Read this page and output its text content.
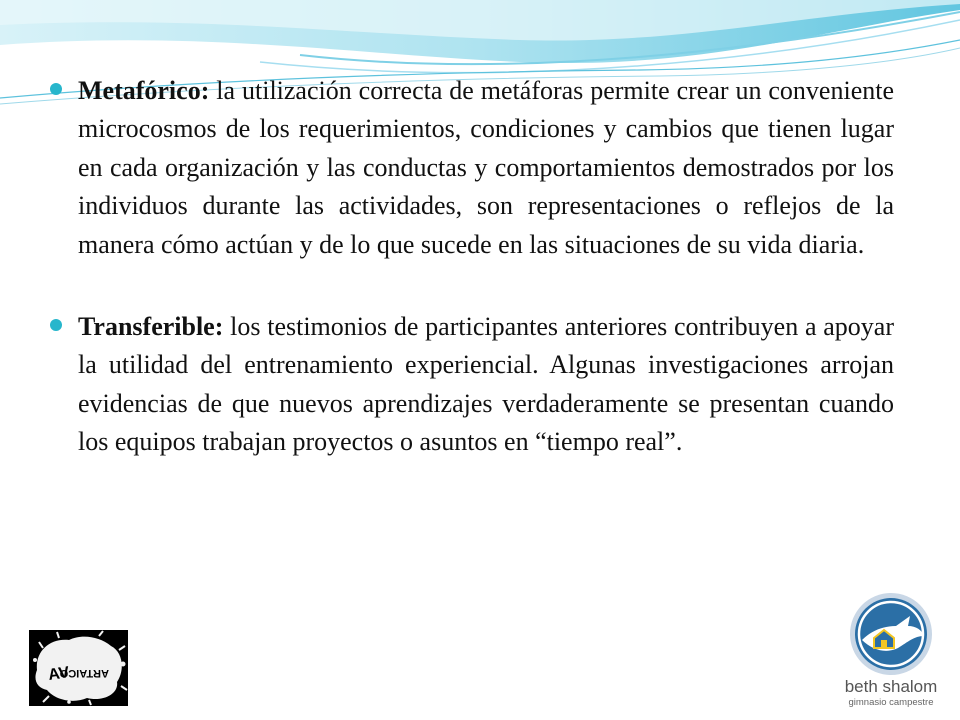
Metafórico: la utilización correcta de metáforas permite crear un conveniente microcosmos de los requerimientos, condiciones y cambios que tienen lugar en cada organización y las conductas y comportamientos demostrados por los individuos durante las actividades, son representaciones o reflejos de la manera cómo actúan y de lo que sucede en las situaciones de su vida diaria.
Transferible: los testimonios de participantes anteriores contribuyen a apoyar la utilidad del entrenamiento experiencial. Algunas investigaciones arrojan evidencias de que nuevos aprendizajes verdaderamente se presentan cuando los equipos trabajan proyectos o asuntos en “tiempo real”.
AV
ARTAICO
beth shalom
gimnasio campestre
